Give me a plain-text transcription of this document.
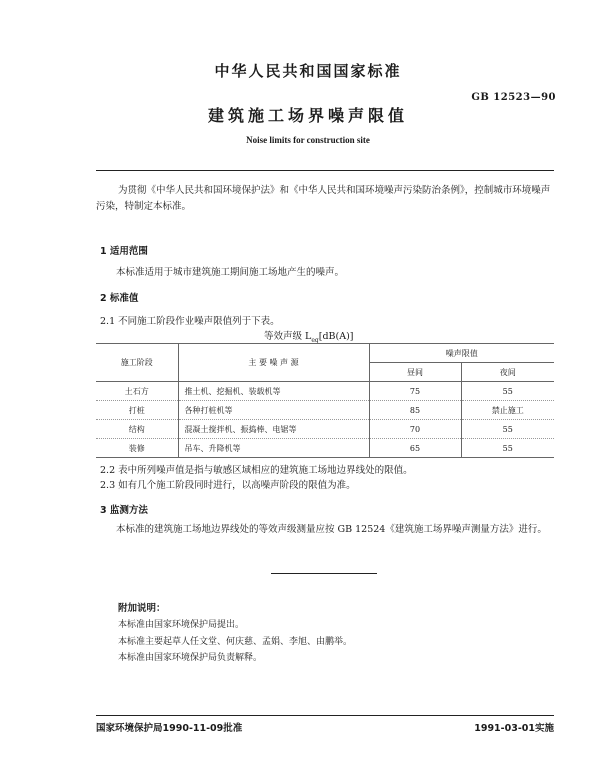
中华人民共和国国家标准
GB 12523—90
建筑施工场界噪声限值
Noise limits for construction site
为贯彻《中华人民共和国环境保护法》和《中华人民共和国环境噪声污染防治条例》，控制城市环境噪声污染，特制定本标准。
1 适用范围
本标准适用于城市建筑施工期间施工场地产生的噪声。
2 标准值
2.1 不同施工阶段作业噪声限值列于下表。
等效声级 $L_{eq}[dB(A)]$
施工阶段	主 要 噪 声 源	噪声限值	
		昼间	夜间
土石方	推土机、挖掘机、装载机等	75	55
打桩	各种打桩机等	85	禁止施工
结构	混凝土搅拌机、振捣棒、电锯等	70	55
装修	吊车、升降机等	65	55
2.2 表中所列噪声值是指与敏感区域相应的建筑施工场地边界线处的限值。
2.3 如有几个施工阶段同时进行，以高噪声阶段的限值为准。
3 监测方法
本标准的建筑施工场地边界线处的等效声级测量应按 GB 12524《建筑施工场界噪声测量方法》进行。
附加说明：
本标准由国家环境保护局提出。
本标准主要起草人任文堂、何庆慈、孟娟、李旭、由鹏举。
本标准由国家环境保护局负责解释。
国家环境保护局1990-11-09批准	1991-03-01实施
